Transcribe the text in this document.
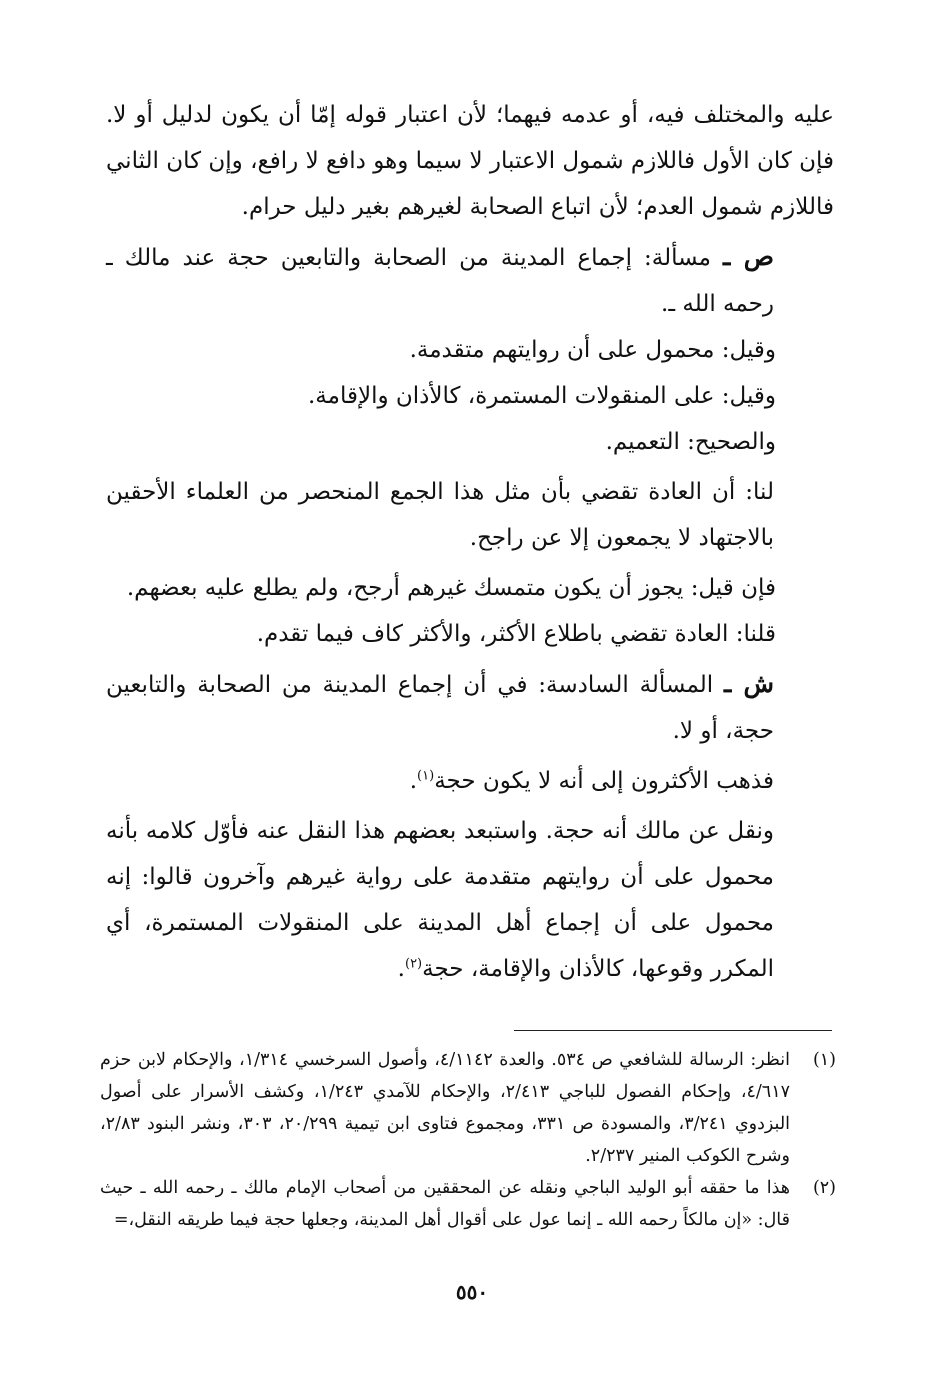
عليه والمختلف فيه، أو عدمه فيهما؛ لأن اعتبار قوله إمّا أن يكون لدليل أو لا. فإن كان الأول فاللازم شمول الاعتبار لا سيما وهو دافع لا رافع، وإن كان الثاني فاللازم شمول العدم؛ لأن اتباع الصحابة لغيرهم بغير دليل حرام.

ص ـ مسألة: إجماع المدينة من الصحابة والتابعين حجة عند مالك ـ رحمه الله ـ.

وقيل: محمول على أن روايتهم متقدمة.

وقيل: على المنقولات المستمرة، كالأذان والإقامة.

والصحيح: التعميم.

لنا: أن العادة تقضي بأن مثل هذا الجمع المنحصر من العلماء الأحقين بالاجتهاد لا يجمعون إلا عن راجح.

فإن قيل: يجوز أن يكون متمسك غيرهم أرجح، ولم يطلع عليه بعضهم.

قلنا: العادة تقضي باطلاع الأكثر، والأكثر كاف فيما تقدم.

ش ـ المسألة السادسة: في أن إجماع المدينة من الصحابة والتابعين حجة، أو لا.

فذهب الأكثرون إلى أنه لا يكون حجة$^{(١)}$.

ونقل عن مالك أنه حجة. واستبعد بعضهم هذا النقل عنه فأوّل كلامه بأنه محمول على أن روايتهم متقدمة على رواية غيرهم وآخرون قالوا: إنه محمول على أن إجماع أهل المدينة على المنقولات المستمرة، أي المكرر وقوعها، كالأذان والإقامة، حجة$^{(٢)}$.

(١)
انظر: الرسالة للشافعي ص ٥٣٤. والعدة ٤/١١٤٢، وأصول السرخسي ١/٣١٤، والإحكام لابن حزم ٤/٦١٧، وإحكام الفصول للباجي ٢/٤١٣، والإحكام للآمدي ١/٢٤٣، وكشف الأسرار على أصول البزدوي ٣/٢٤١، والمسودة ص ٣٣١، ومجموع فتاوى ابن تيمية ٢٠/٢٩٩، ٣٠٣، ونشر البنود ٢/٨٣، وشرح الكوكب المنير ٢/٢٣٧.
(٢)
هذا ما حققه أبو الوليد الباجي ونقله عن المحققين من أصحاب الإمام مالك ـ رحمه الله ـ حيث قال: «إن مالكاً رحمه الله ـ إنما عول على أقوال أهل المدينة، وجعلها حجة فيما طريقه النقل،=
٥٥٠
